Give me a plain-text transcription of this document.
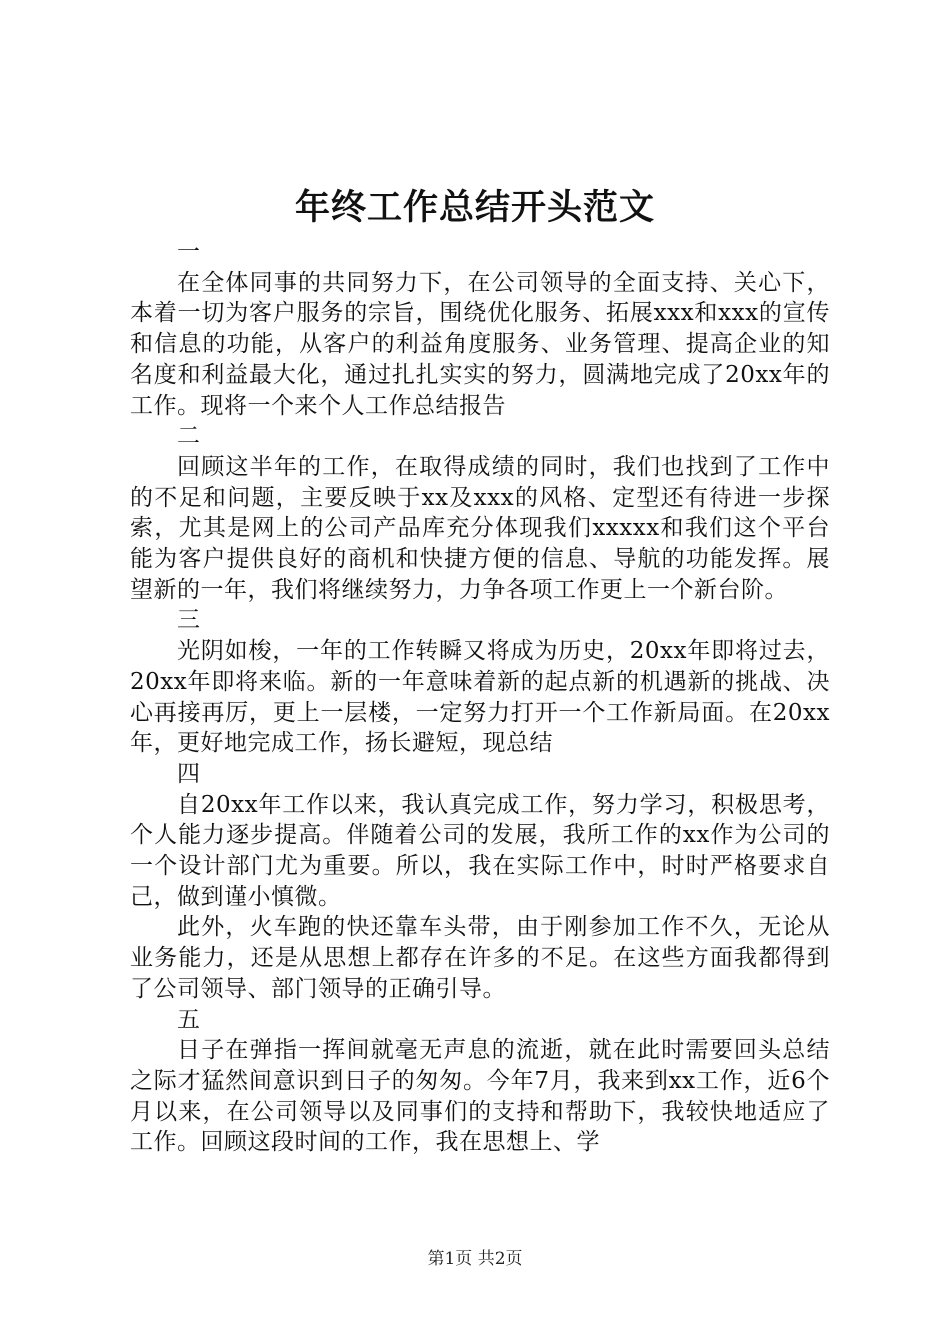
年终工作总结开头范文

一

在全体同事的共同努力下，在公司领导的全面支持、关心下，本着一切为客户服务的宗旨，围绕优化服务、拓展xxx和xxx的宣传和信息的功能，从客户的利益角度服务、业务管理、提高企业的知名度和利益最大化，通过扎扎实实的努力，圆满地完成了20xx年的工作。现将一个来个人工作总结报告

二

回顾这半年的工作，在取得成绩的同时，我们也找到了工作中的不足和问题，主要反映于xx及xxx的风格、定型还有待进一步探索，尤其是网上的公司产品库充分体现我们xxxxx和我们这个平台能为客户提供良好的商机和快捷方便的信息、导航的功能发挥。展望新的一年，我们将继续努力，力争各项工作更上一个新台阶。

三

光阴如梭，一年的工作转瞬又将成为历史，20xx年即将过去，20xx年即将来临。新的一年意味着新的起点新的机遇新的挑战、决心再接再厉，更上一层楼，一定努力打开一个工作新局面。在20xx年，更好地完成工作，扬长避短，现总结

四

自20xx年工作以来，我认真完成工作，努力学习，积极思考，个人能力逐步提高。伴随着公司的发展，我所工作的xx作为公司的一个设计部门尤为重要。所以，我在实际工作中，时时严格要求自己，做到谨小慎微。

此外，火车跑的快还靠车头带，由于刚参加工作不久，无论从业务能力，还是从思想上都存在许多的不足。在这些方面我都得到了公司领导、部门领导的正确引导。

五

日子在弹指一挥间就毫无声息的流逝，就在此时需要回头总结之际才猛然间意识到日子的匆匆。今年7月，我来到xx工作，近6个月以来，在公司领导以及同事们的支持和帮助下，我较快地适应了工作。回顾这段时间的工作，我在思想上、学

第1页 共2页
